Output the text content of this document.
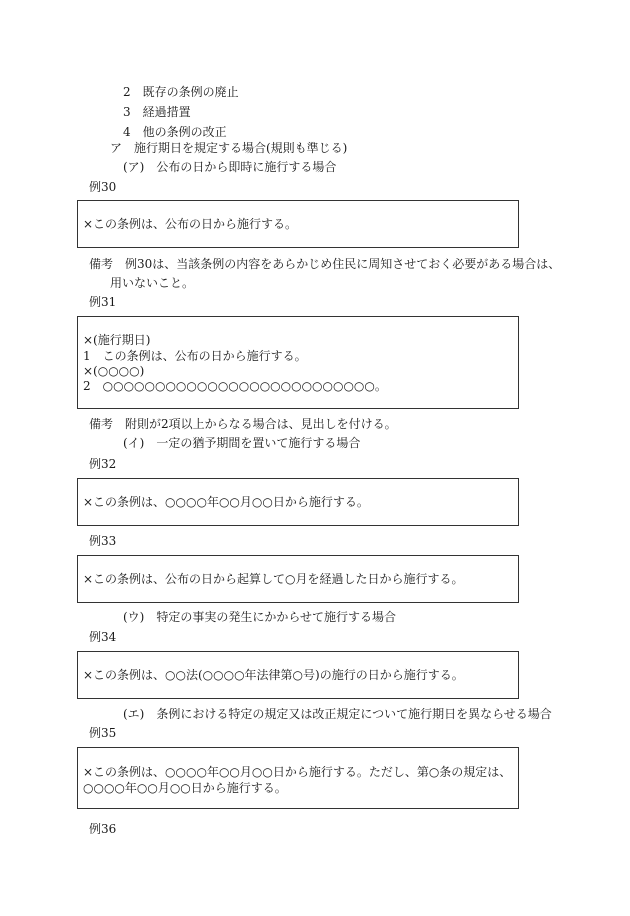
2　既存の条例の廃止
3　経過措置
4　他の条例の改正
ア　施行期日を規定する場合(規則も準じる)
(ア)　公布の日から即時に施行する場合
例30
×この条例は、公布の日から施行する。
備考　例30は、当該条例の内容をあらかじめ住民に周知させておく必要がある場合は、
用いないこと。
例31
×(施行期日)
1　この条例は、公布の日から施行する。
×(○○○○)
2　○○○○○○○○○○○○○○○○○○○○○○○○○○。
備考　附則が2項以上からなる場合は、見出しを付ける。
(イ)　一定の猶予期間を置いて施行する場合
例32
×この条例は、○○○○年○○月○○日から施行する。
例33
×この条例は、公布の日から起算して○月を経過した日から施行する。
(ウ)　特定の事実の発生にかからせて施行する場合
例34
×この条例は、○○法(○○○○年法律第○号)の施行の日から施行する。
(エ)　条例における特定の規定又は改正規定について施行期日を異ならせる場合
例35
×この条例は、○○○○年○○月○○日から施行する。ただし、第○条の規定は、
○○○○年○○月○○日から施行する。
例36
